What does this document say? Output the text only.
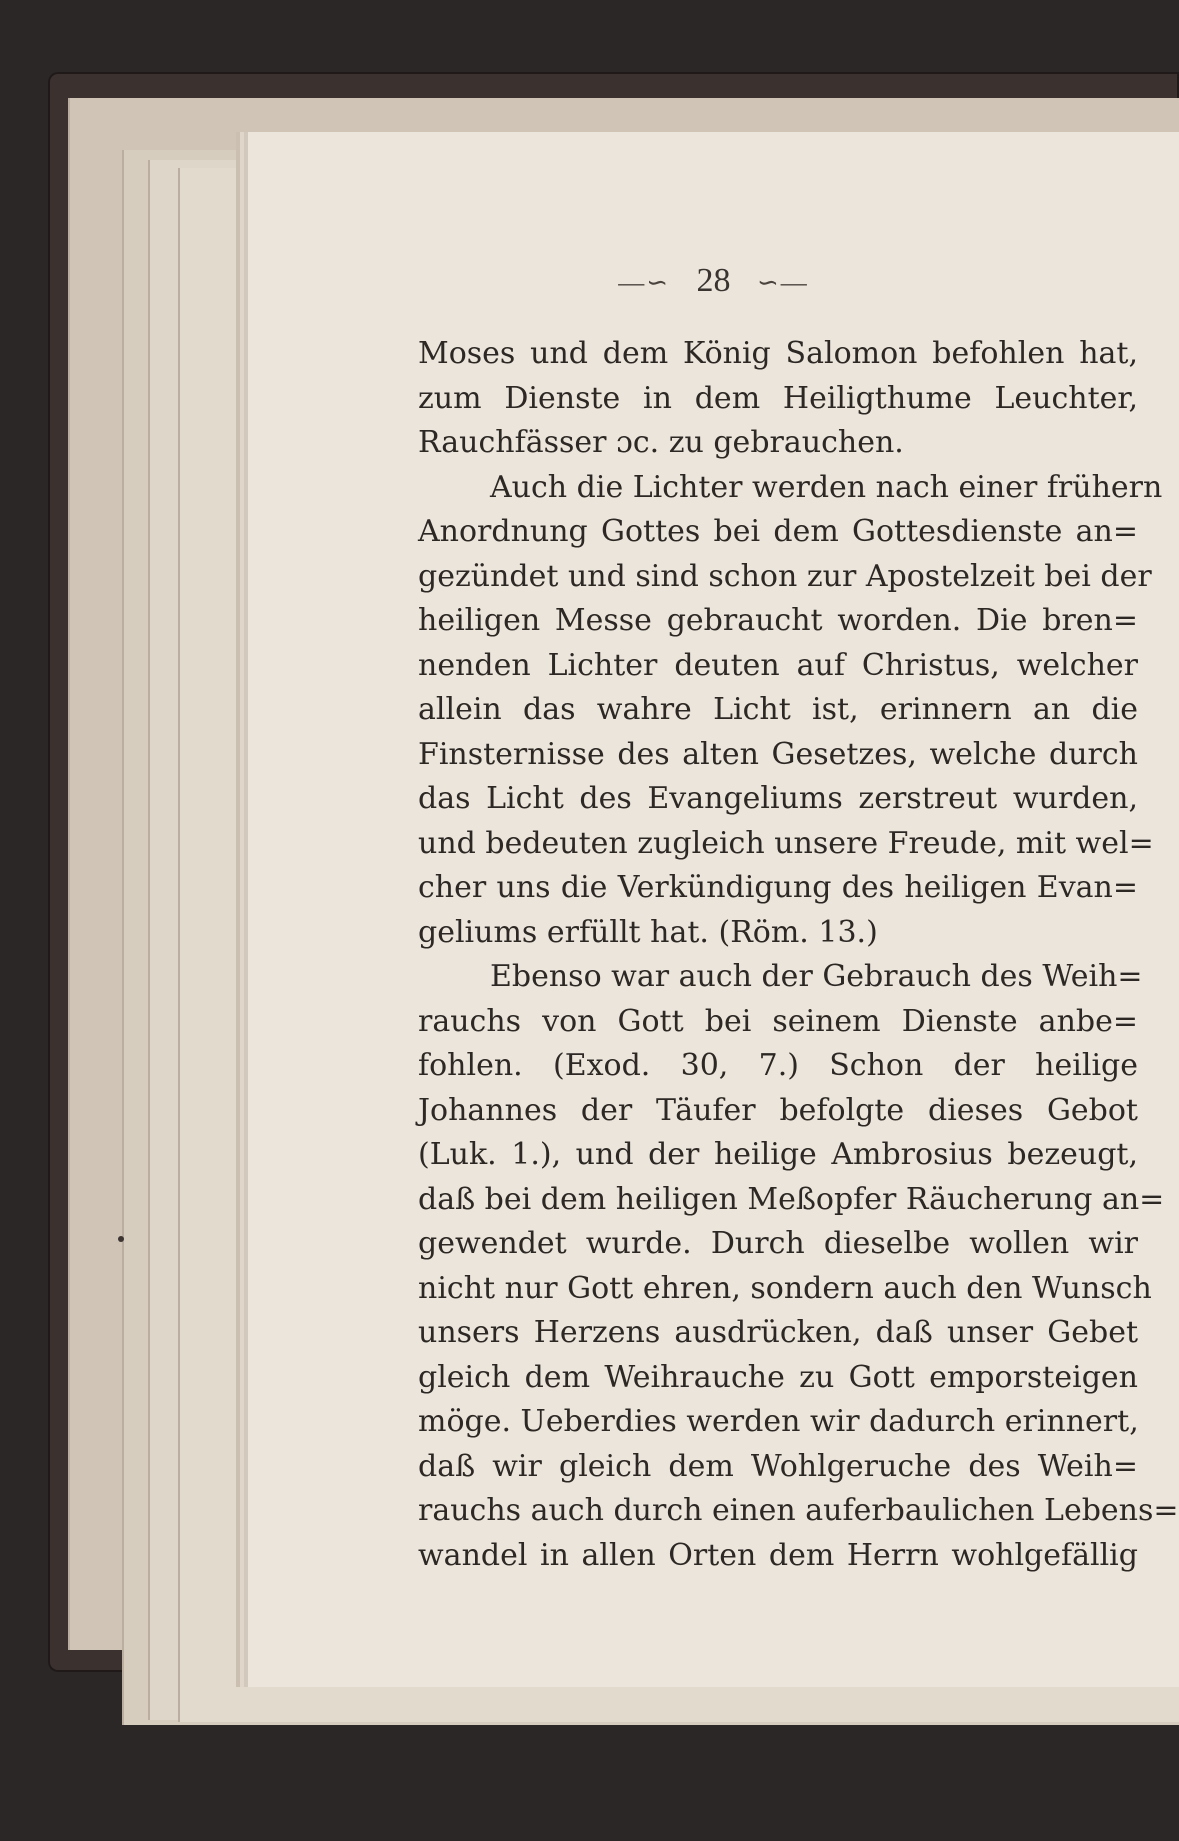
—∽ 28 ∽—
Moses und dem König Salomon befohlen hat,
zum Dienste in dem Heiligthume Leuchter,
Rauchfässer ɔc. zu gebrauchen.
Auch die Lichter werden nach einer frühern
Anordnung Gottes bei dem Gottesdienste an=
gezündet und sind schon zur Apostelzeit bei der
heiligen Messe gebraucht worden. Die bren=
nenden Lichter deuten auf Christus, welcher
allein das wahre Licht ist, erinnern an die
Finsternisse des alten Gesetzes, welche durch
das Licht des Evangeliums zerstreut wurden,
und bedeuten zugleich unsere Freude, mit wel=
cher uns die Verkündigung des heiligen Evan=
geliums erfüllt hat. (Röm. 13.)
Ebenso war auch der Gebrauch des Weih=
rauchs von Gott bei seinem Dienste anbe=
fohlen. (Exod. 30, 7.) Schon der heilige
Johannes der Täufer befolgte dieses Gebot
(Luk. 1.), und der heilige Ambrosius bezeugt,
daß bei dem heiligen Meßopfer Räucherung an=
gewendet wurde. Durch dieselbe wollen wir
nicht nur Gott ehren, sondern auch den Wunsch
unsers Herzens ausdrücken, daß unser Gebet
gleich dem Weihrauche zu Gott emporsteigen
möge. Ueberdies werden wir dadurch erinnert,
daß wir gleich dem Wohlgeruche des Weih=
rauchs auch durch einen auferbaulichen Lebens=
wandel in allen Orten dem Herrn wohlgefällig
